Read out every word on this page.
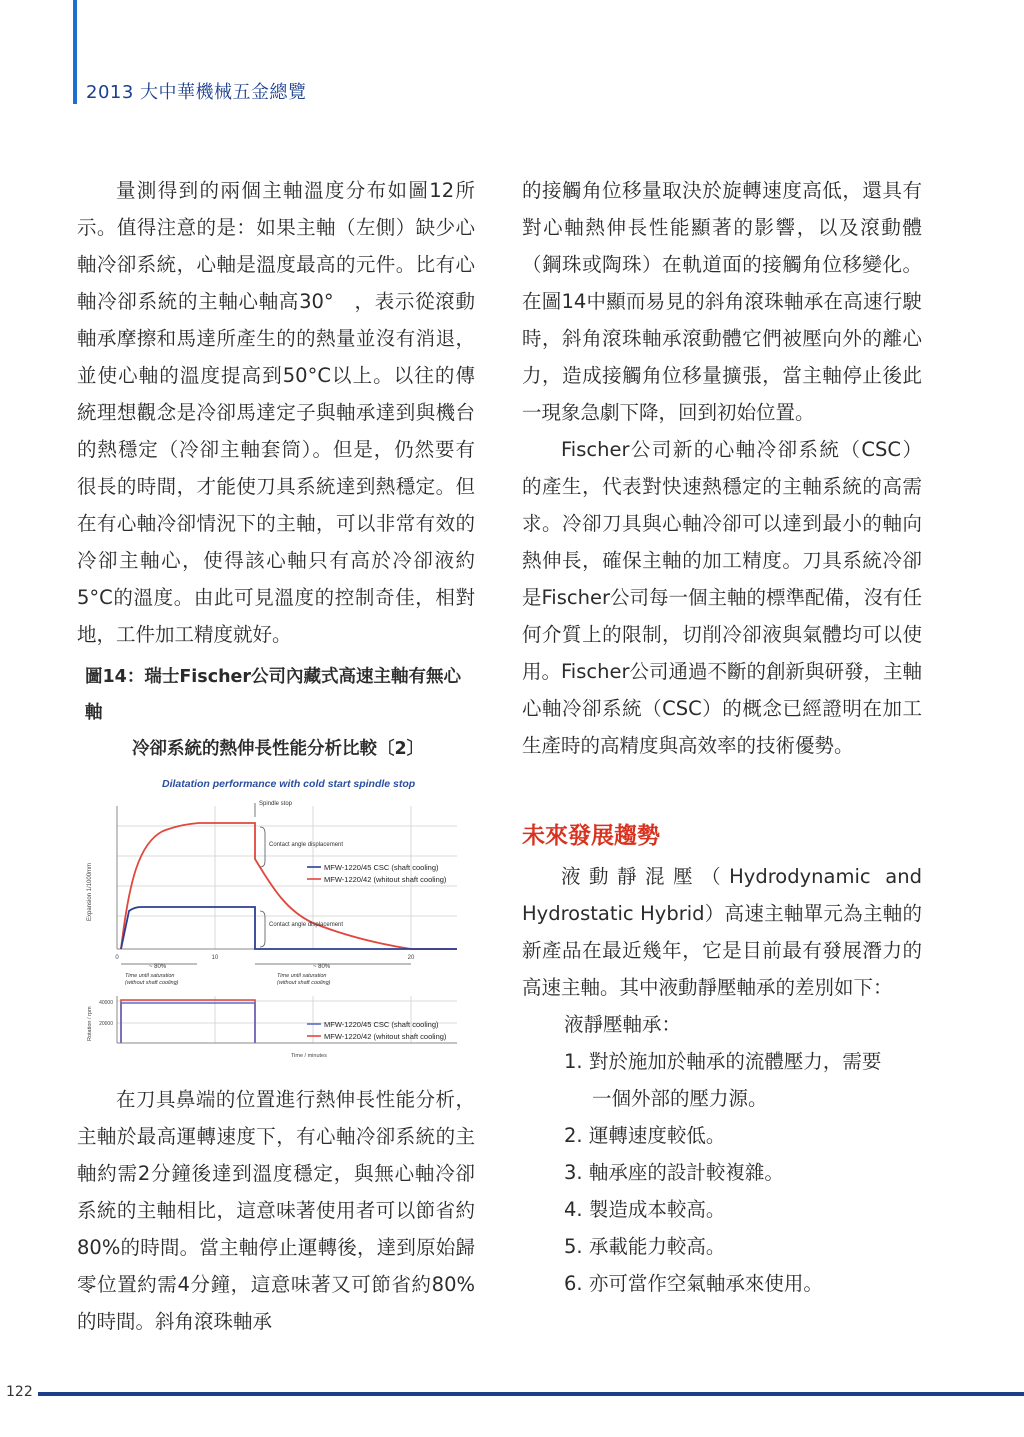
2013 大中華機械五金總覽

量測得到的兩個主軸溫度分布如圖12所示。值得注意的是：如果主軸（左側）缺少心軸冷卻系統，心軸是溫度最高的元件。比有心軸冷卻系統的主軸心軸高30°　，表示從滾動軸承摩擦和馬達所產生的的熱量並沒有消退，並使心軸的溫度提高到50°C以上。以往的傳統理想觀念是冷卻馬達定子與軸承達到與機台的熱穩定（冷卻主軸套筒）。但是，仍然要有很長的時間，才能使刀具系統達到熱穩定。但在有心軸冷卻情況下的主軸，可以非常有效的冷卻主軸心，使得該心軸只有高於冷卻液約5°C的溫度。由此可見溫度的控制奇佳，相對地，工件加工精度就好。

圖14：瑞士Fischer公司內藏式高速主軸有無心軸
冷卻系統的熱伸長性能分析比較〔2〕
Dilatation performance with cold start spindle stop
Expansion 1/1000mm
Spindle stop
Contact angle displacement
Contact angle displacement
MFW-1220/45 CSC (shaft cooling)
MFW-1220/42 (whitout shaft cooling)
0	10	20
~ 80%	~ 80%
Time until saturation
(without shaft cooling)
Time until saturation
(without shaft cooling)
40000
20000
Rotation / rpm	MFW-1220/45 CSC (shaft cooling)
MFW-1220/42 (whitout shaft cooling)
Time / minutes

在刀具鼻端的位置進行熱伸長性能分析，主軸於最高運轉速度下，有心軸冷卻系統的主軸約需2分鐘後達到溫度穩定，與無心軸冷卻系統的主軸相比，這意味著使用者可以節省約80%的時間。當主軸停止運轉後，達到原始歸零位置約需4分鐘，這意味著又可節省約80%的時間。斜角滾珠軸承

的接觸角位移量取決於旋轉速度高低，還具有對心軸熱伸長性能顯著的影響，以及滾動體（鋼珠或陶珠）在軌道面的接觸角位移變化。在圖14中顯而易見的斜角滾珠軸承在高速行駛時，斜角滾珠軸承滾動體它們被壓向外的離心力，造成接觸角位移量擴張，當主軸停止後此一現象急劇下降，回到初始位置。

Fischer公司新的心軸冷卻系統（CSC）的產生，代表對快速熱穩定的主軸系統的高需求。冷卻刀具與心軸冷卻可以達到最小的軸向熱伸長，確保主軸的加工精度。刀具系統冷卻是Fischer公司每一個主軸的標準配備，沒有任何介質上的限制，切削冷卻液與氣體均可以使用。Fischer公司通過不斷的創新與研發，主軸心軸冷卻系統（CSC）的概念已經證明在加工生產時的高精度與高效率的技術優勢。

未來發展趨勢

液動靜混壓（Hydrodynamic and Hydrostatic Hybrid）高速主軸單元為主軸的新產品在最近幾年，它是目前最有發展潛力的高速主軸。其中液動靜壓軸承的差別如下：

液靜壓軸承：
1. 對於施加於軸承的流體壓力，需要
一個外部的壓力源。
2. 運轉速度較低。
3. 軸承座的設計較複雜。
4. 製造成本較高。
5. 承載能力較高。
6. 亦可當作空氣軸承來使用。
122
